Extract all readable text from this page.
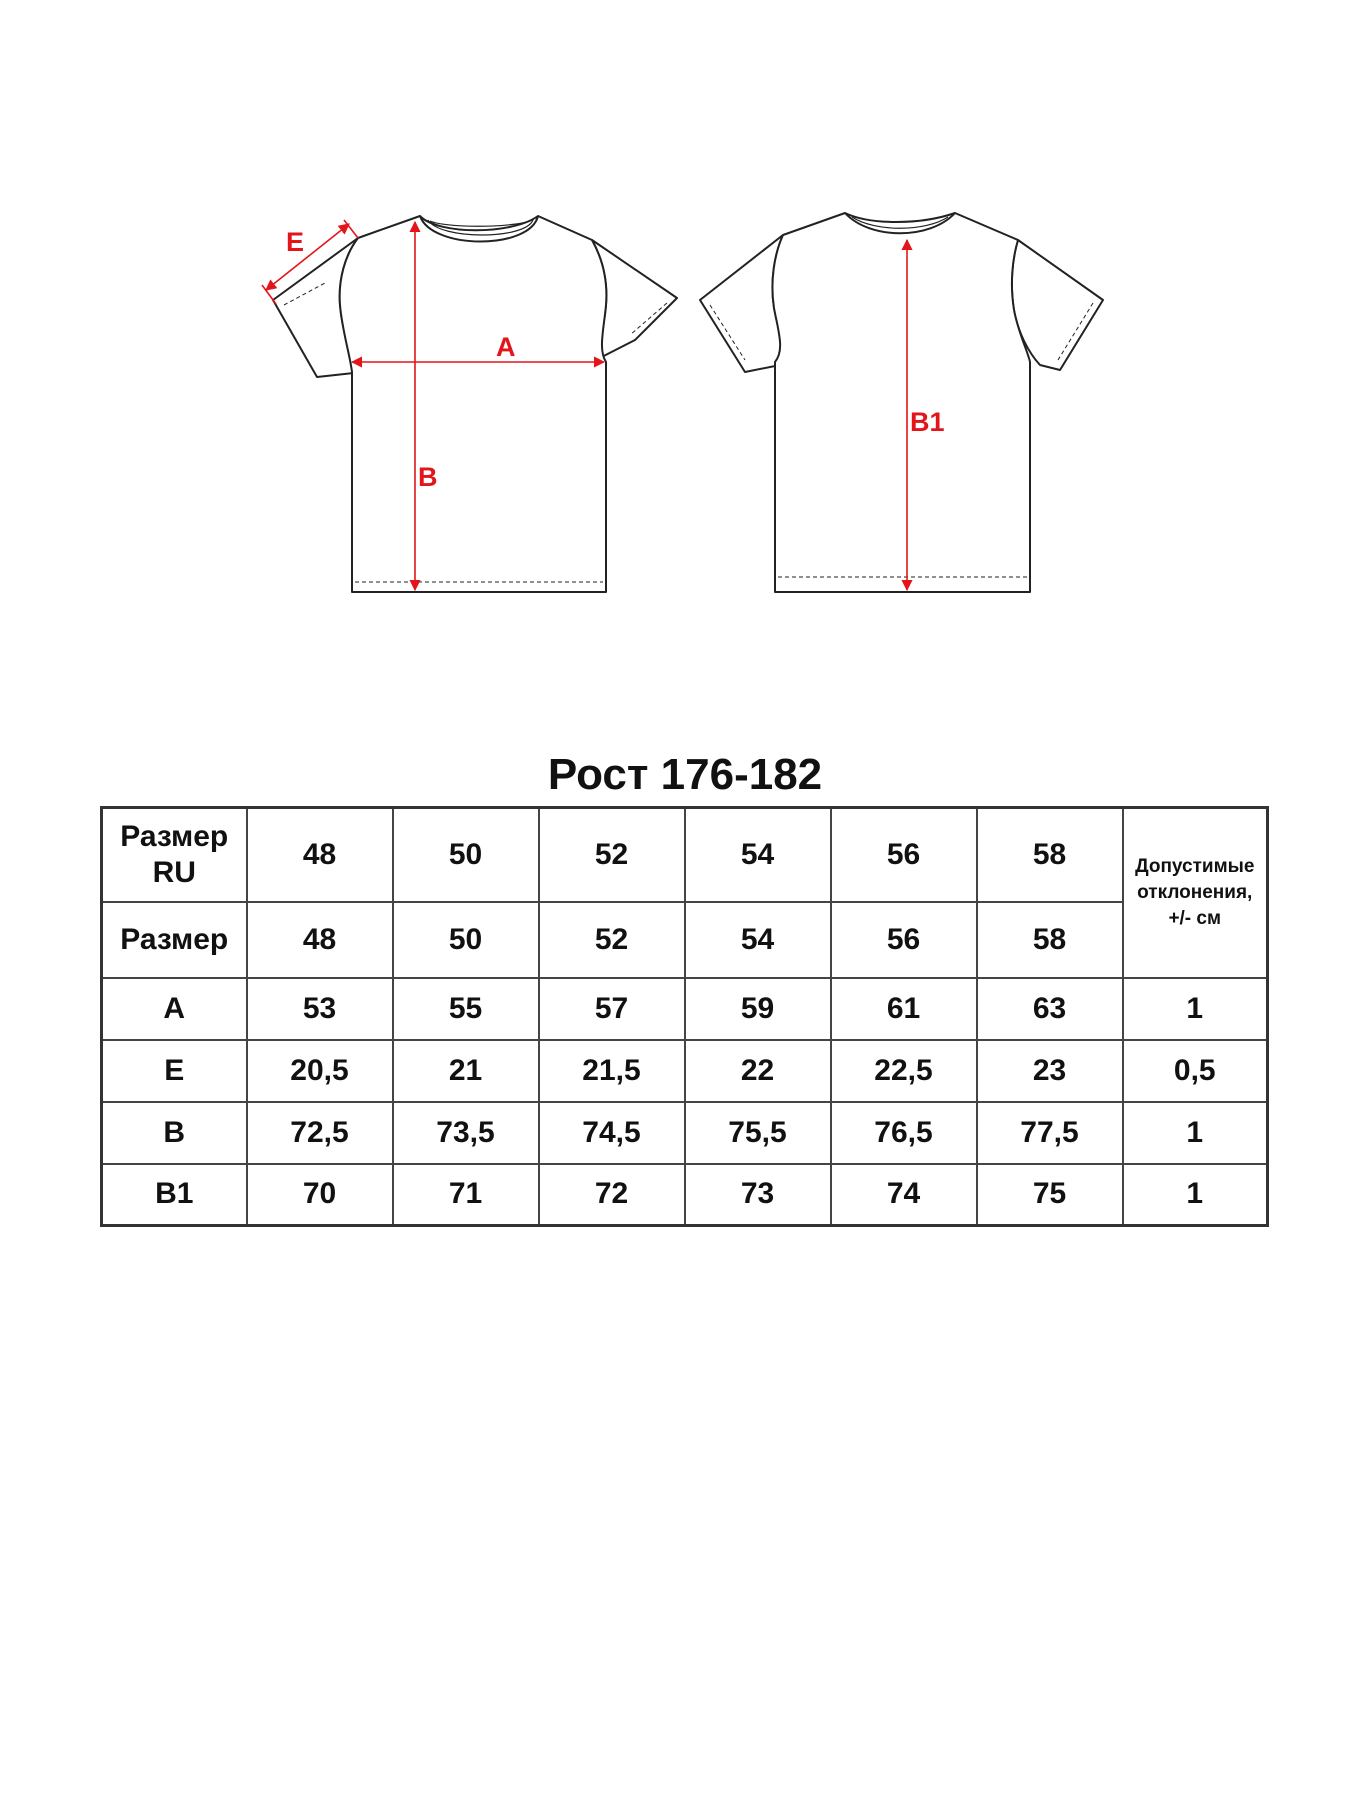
A
B
E
B1
Рост 176-182
Размер RU	48	50	52	54	56	58	Допустимые отклонения, +/- см
Размер	48	50	52	54	56	58	
A	53	55	57	59	61	63	1
E	20,5	21	21,5	22	22,5	23	0,5
B	72,5	73,5	74,5	75,5	76,5	77,5	1
B1	70	71	72	73	74	75	1
